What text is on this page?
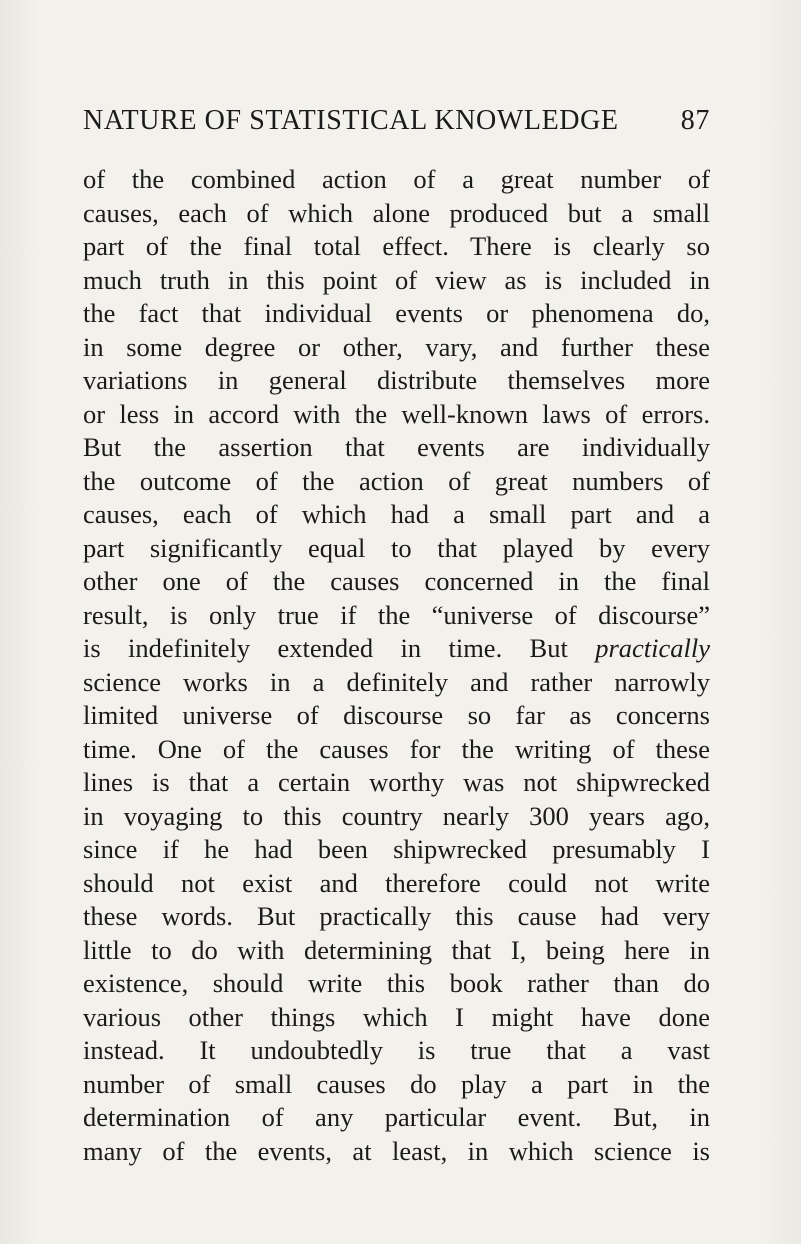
NATURE OF STATISTICAL KNOWLEDGE 87
of the combined action of a great number of
causes, each of which alone produced but a small
part of the final total effect. There is clearly so
much truth in this point of view as is included in
the fact that individual events or phenomena do,
in some degree or other, vary, and further these
variations in general distribute themselves more
or less in accord with the well-known laws of errors.
But the assertion that events are individually
the outcome of the action of great numbers of
causes, each of which had a small part and a
part significantly equal to that played by every
other one of the causes concerned in the final
result, is only true if the “universe of discourse”
is indefinitely extended in time. But practically
science works in a definitely and rather narrowly
limited universe of discourse so far as concerns
time. One of the causes for the writing of these
lines is that a certain worthy was not shipwrecked
in voyaging to this country nearly 300 years ago,
since if he had been shipwrecked presumably I
should not exist and therefore could not write
these words. But practically this cause had very
little to do with determining that I, being here in
existence, should write this book rather than do
various other things which I might have done
instead. It undoubtedly is true that a vast
number of small causes do play a part in the
determination of any particular event. But, in
many of the events, at least, in which science is
